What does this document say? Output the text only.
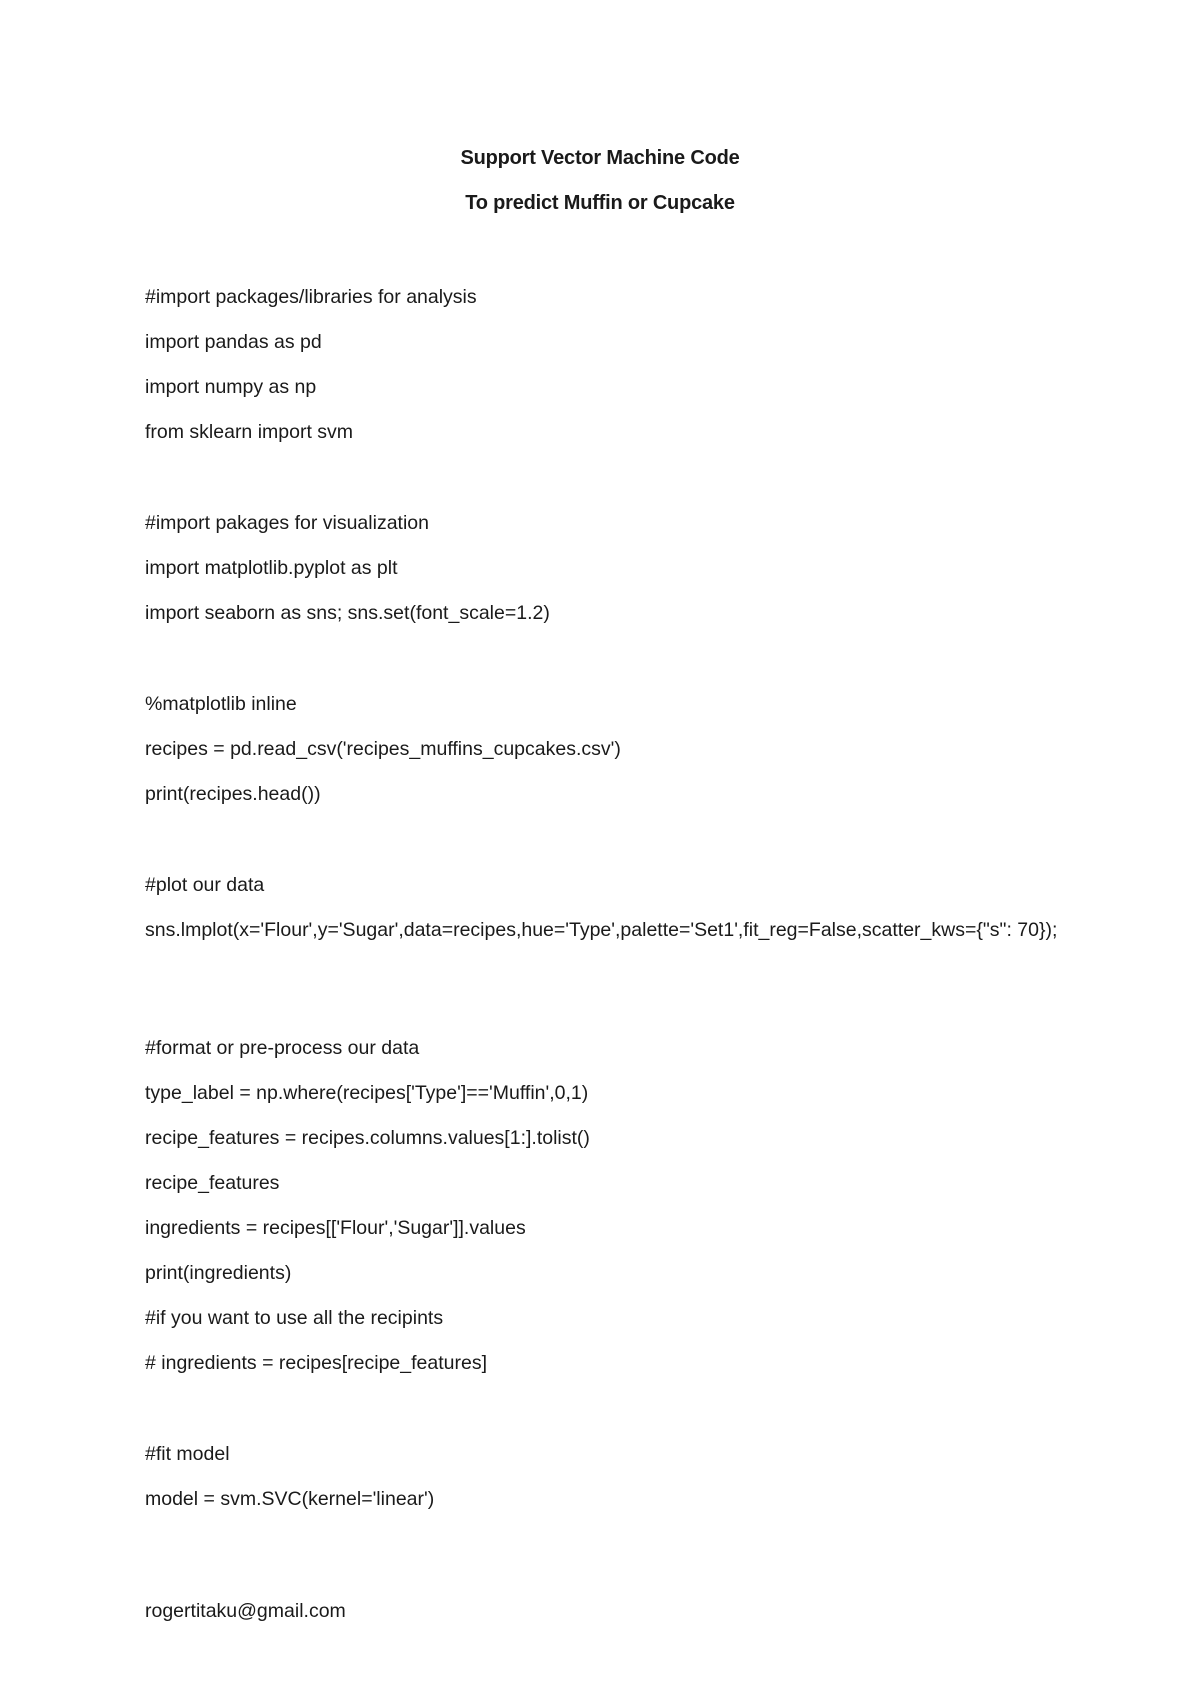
Support Vector Machine Code
To predict Muffin or Cupcake
#import packages/libraries for analysis
import pandas as pd
import numpy as np
from sklearn import svm
#import pakages for visualization
import matplotlib.pyplot as plt
import seaborn as sns; sns.set(font_scale=1.2)
%matplotlib inline
recipes = pd.read_csv('recipes_muffins_cupcakes.csv')
print(recipes.head())
#plot our data
sns.lmplot(x='Flour',y='Sugar',data=recipes,hue='Type',palette='Set1',fit_reg=False,scatter_kws={"s": 70});
#format or pre-process our data
type_label = np.where(recipes['Type']=='Muffin',0,1)
recipe_features = recipes.columns.values[1:].tolist()
recipe_features
ingredients = recipes[['Flour','Sugar']].values
print(ingredients)
#if you want to use all the recipints
# ingredients = recipes[recipe_features]
#fit model
model = svm.SVC(kernel='linear')
rogertitaku@gmail.com
